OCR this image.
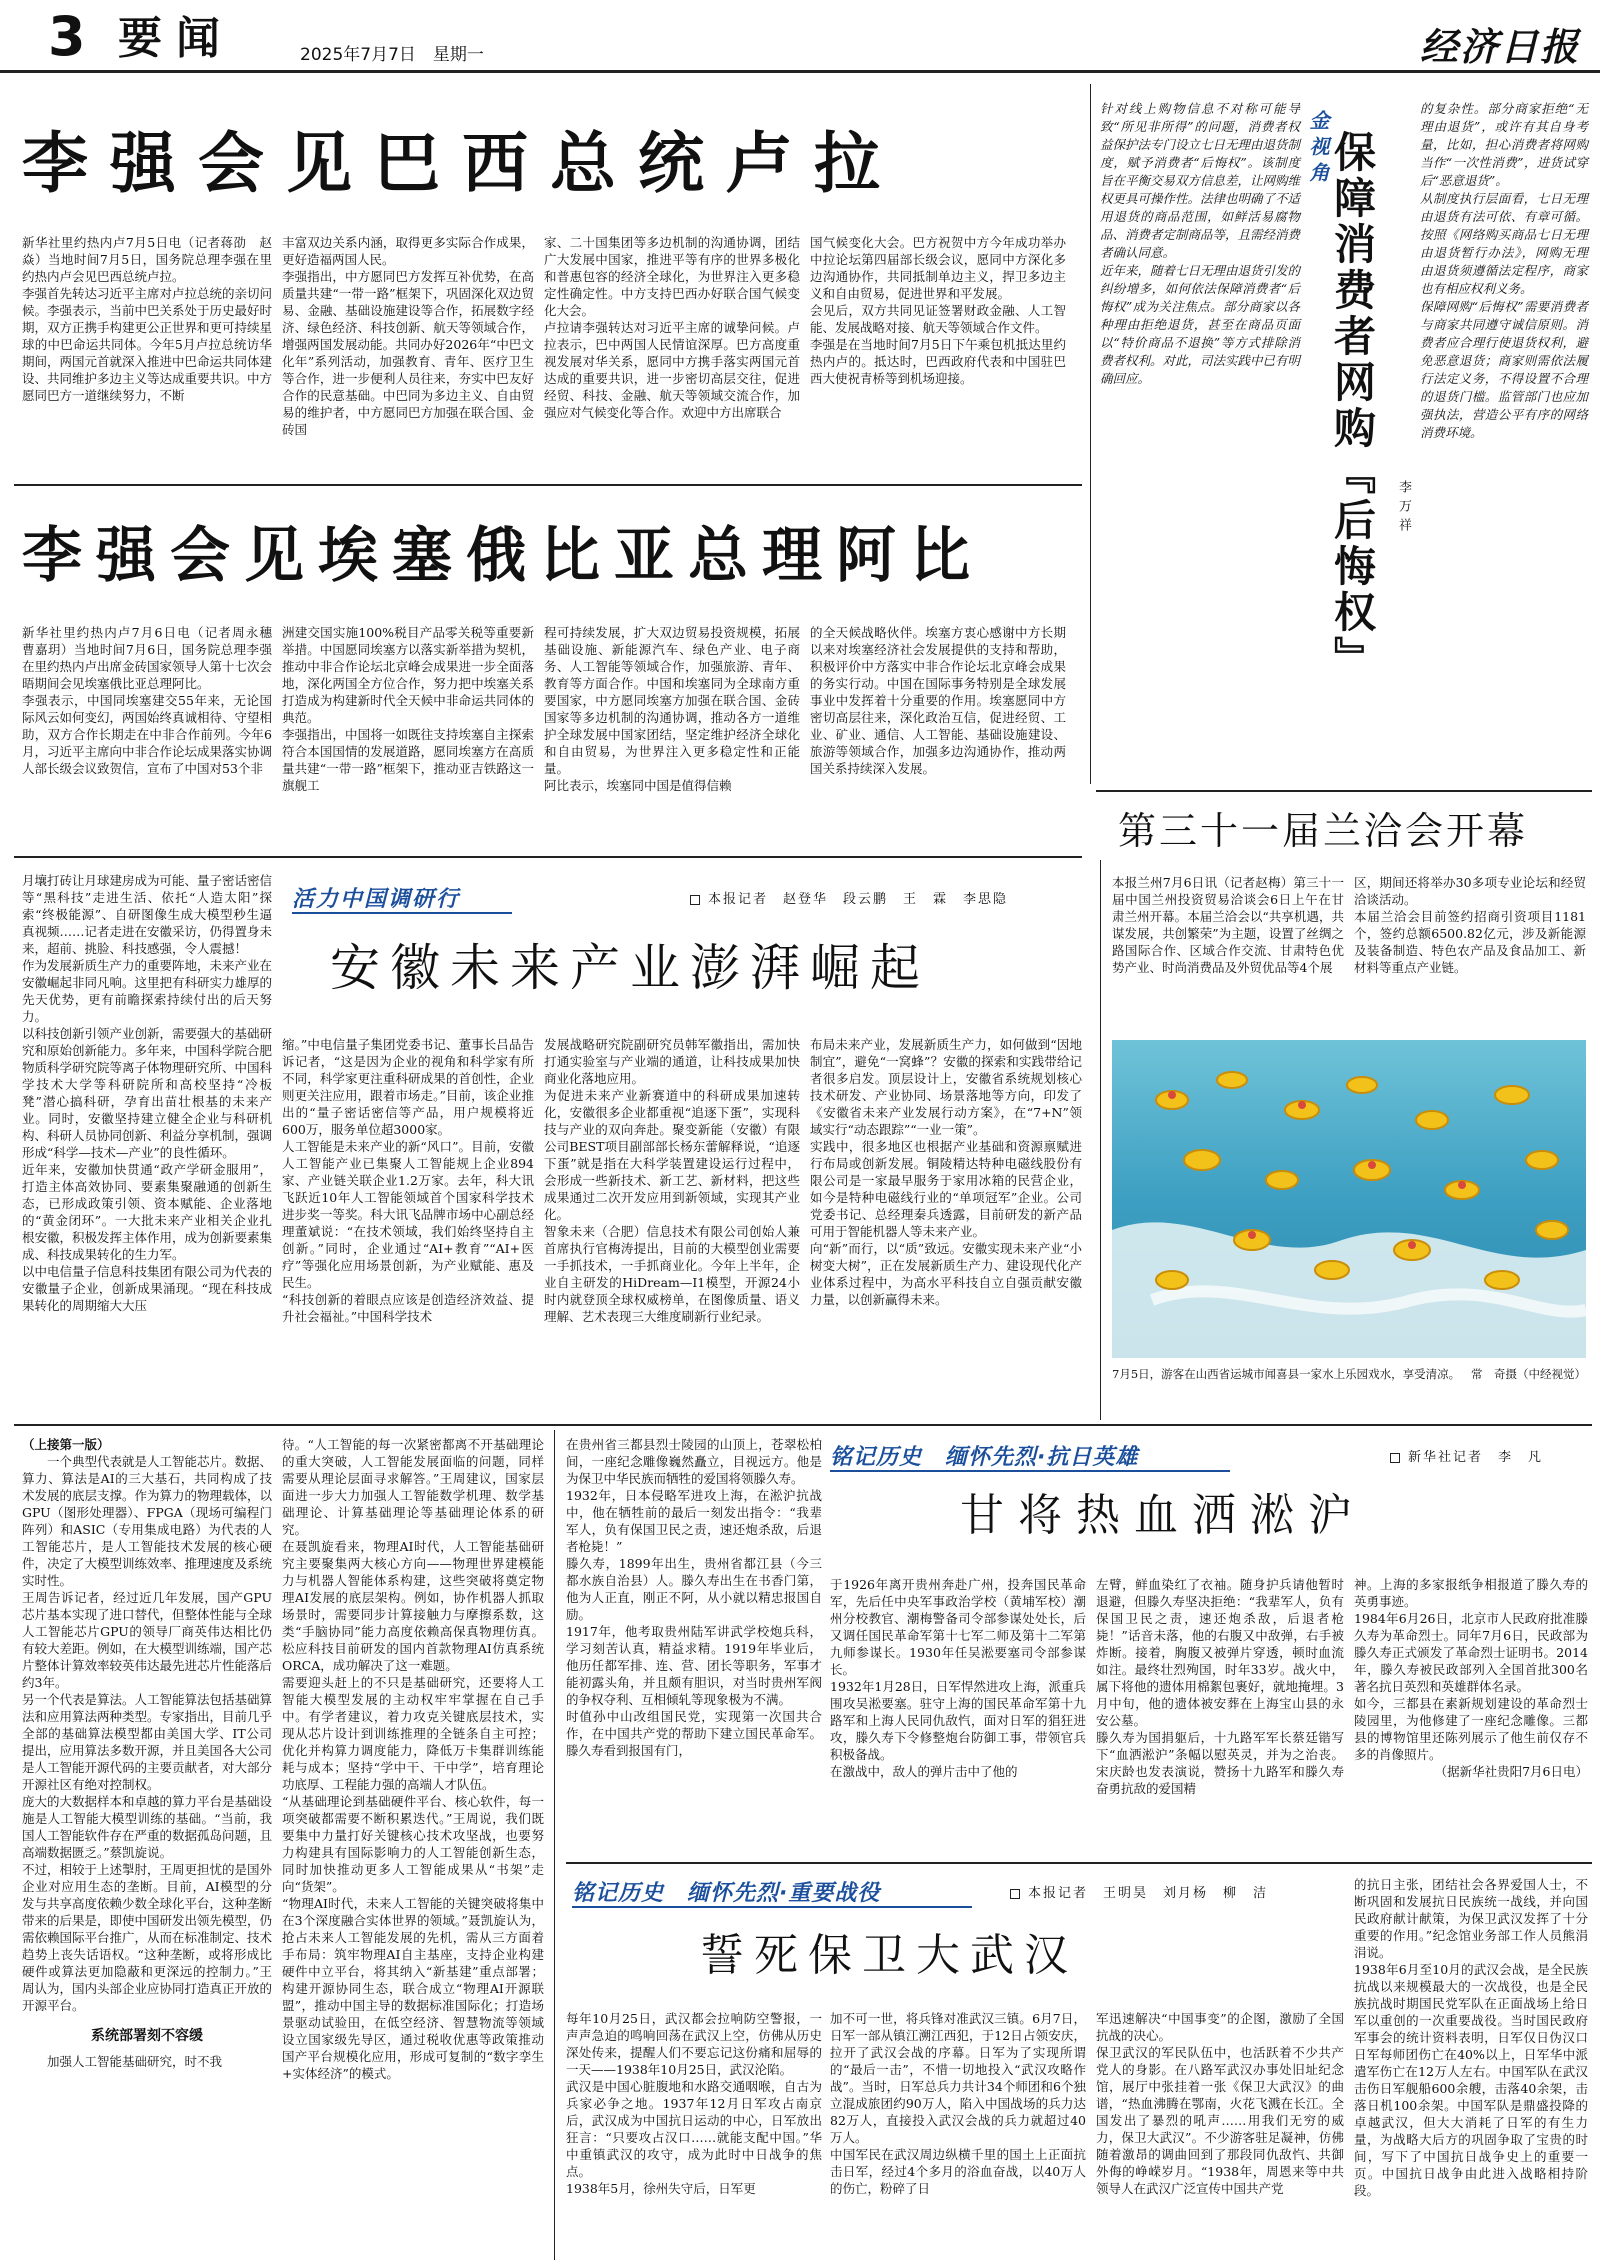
3 要闻	2025年7月7日　星期一	经济日报
李强会见巴西总统卢拉
新华社里约热内卢7月5日电（记者蒋劭　赵焱）当地时间7月5日，国务院总理李强在里约热内卢会见巴西总统卢拉。
李强首先转达习近平主席对卢拉总统的亲切问候。李强表示，当前中巴关系处于历史最好时期，双方正携手构建更公正世界和更可持续星球的中巴命运共同体。今年5月卢拉总统访华期间，两国元首就深入推进中巴命运共同体建设、共同维护多边主义等达成重要共识。中方愿同巴方一道继续努力，不断
丰富双边关系内涵，取得更多实际合作成果，更好造福两国人民。
李强指出，中方愿同巴方发挥互补优势，在高质量共建“一带一路”框架下，巩固深化双边贸易、金融、基础设施建设等合作，拓展数字经济、绿色经济、科技创新、航天等领域合作，增强两国发展动能。共同办好2026年“中巴文化年”系列活动，加强教育、青年、医疗卫生等合作，进一步便利人员往来，夯实中巴友好合作的民意基础。中巴同为多边主义、自由贸易的维护者，中方愿同巴方加强在联合国、金砖国
家、二十国集团等多边机制的沟通协调，团结广大发展中国家，推进平等有序的世界多极化和普惠包容的经济全球化，为世界注入更多稳定性确定性。中方支持巴西办好联合国气候变化大会。
卢拉请李强转达对习近平主席的诚挚问候。卢拉表示，巴中两国人民情谊深厚。巴方高度重视发展对华关系，愿同中方携手落实两国元首达成的重要共识，进一步密切高层交往，促进经贸、科技、金融、航天等领域交流合作，加强应对气候变化等合作。欢迎中方出席联合
国气候变化大会。巴方祝贺中方今年成功举办中拉论坛第四届部长级会议，愿同中方深化多边沟通协作，共同抵制单边主义，捍卫多边主义和自由贸易，促进世界和平发展。
会见后，双方共同见证签署财政金融、人工智能、发展战略对接、航天等领域合作文件。
李强是在当地时间7月5日下午乘包机抵达里约热内卢的。抵达时，巴西政府代表和中国驻巴西大使祝青桥等到机场迎接。
李强会见埃塞俄比亚总理阿比
新华社里约热内卢7月6日电（记者周永穗　曹嘉玥）当地时间7月6日，国务院总理李强在里约热内卢出席金砖国家领导人第十七次会晤期间会见埃塞俄比亚总理阿比。
李强表示，中国同埃塞建交55年来，无论国际风云如何变幻，两国始终真诚相待、守望相助，双方合作长期走在中非合作前列。今年6月，习近平主席向中非合作论坛成果落实协调人部长级会议致贺信，宣布了中国对53个非
洲建交国实施100%税目产品零关税等重要新举措。中国愿同埃塞方以落实新举措为契机，推动中非合作论坛北京峰会成果进一步全面落地，深化两国全方位合作，努力把中埃塞关系打造成为构建新时代全天候中非命运共同体的典范。
李强指出，中国将一如既往支持埃塞自主探索符合本国国情的发展道路，愿同埃塞方在高质量共建“一带一路”框架下，推动亚吉铁路这一旗舰工
程可持续发展，扩大双边贸易投资规模，拓展基础设施、新能源汽车、绿色产业、电子商务、人工智能等领域合作，加强旅游、青年、教育等方面合作。中国和埃塞同为全球南方重要国家，中方愿同埃塞方加强在联合国、金砖国家等多边机制的沟通协调，推动各方一道维护全球发展中国家团结，坚定维护经济全球化和自由贸易，为世界注入更多稳定性和正能量。
阿比表示，埃塞同中国是值得信赖
的全天候战略伙伴。埃塞方衷心感谢中方长期以来对埃塞经济社会发展提供的支持和帮助，积极评价中方落实中非合作论坛北京峰会成果的务实行动。中国在国际事务特别是全球发展事业中发挥着十分重要的作用。埃塞愿同中方密切高层往来，深化政治互信，促进经贸、工业、矿业、通信、人工智能、基础设施建设、旅游等领域合作，加强多边沟通协作，推动两国关系持续深入发展。
针对线上购物信息不对称可能导致“所见非所得”的问题，消费者权益保护法专门设立七日无理由退货制度，赋予消费者“后悔权”。该制度旨在平衡交易双方信息差，让网购维权更具可操作性。法律也明确了不适用退货的商品范围，如鲜活易腐物品、消费者定制商品等，且需经消费者确认同意。
近年来，随着七日无理由退货引发的纠纷增多，如何依法保障消费者“后悔权”成为关注焦点。部分商家以各种理由拒绝退货，甚至在商品页面以“特价商品不退换”等方式排除消费者权利。对此，司法实践中已有明确回应。
金视角
保障消费者网购『后悔权』 李万祥
的复杂性。部分商家拒绝“无理由退货”，或许有其自身考量，比如，担心消费者将网购当作“一次性消费”，进货试穿后“恶意退货”。
从制度执行层面看，七日无理由退货有法可依、有章可循。按照《网络购买商品七日无理由退货暂行办法》，网购无理由退货须遵循法定程序，商家也有相应权利义务。
保障网购“后悔权”需要消费者与商家共同遵守诚信原则。消费者应合理行使退货权利，避免恶意退货；商家则需依法履行法定义务，不得设置不合理的退货门槛。监管部门也应加强执法，营造公平有序的网络消费环境。
第三十一届兰洽会开幕
本报兰州7月6日讯（记者赵梅）第三十一届中国兰州投资贸易洽谈会6日上午在甘肃兰州开幕。本届兰洽会以“共享机遇，共谋发展，共创繁荣”为主题，设置了丝绸之路国际合作、区域合作交流、甘肃特色优势产业、时尚消费品及外贸优品等4个展
区，期间还将举办30多项专业论坛和经贸洽谈活动。
本届兰洽会目前签约招商引资项目1181个，签约总额6500.82亿元，涉及新能源及装备制造、特色农产品及食品加工、新材料等重点产业链。
7月5日，游客在山西省运城市闻喜县一家水上乐园戏水，享受清凉。 常　奇摄（中经视觉）
月壤打砖让月球建房成为可能、量子密话密信等“黑科技”走进生活、依托“人造太阳”探索“终极能源”、自研图像生成大模型秒生逼真视频……记者走进在安徽采访，仍得置身未来，超前、挑脸、科技感强，令人震撼！
作为发展新质生产力的重要阵地，未来产业在安徽崛起非同凡响。这里把有科研实力雄厚的先天优势，更有前瞻探索持续付出的后天努力。
以科技创新引领产业创新，需要强大的基础研究和原始创新能力。多年来，中国科学院合肥物质科学研究院等离子体物理研究所、中国科学技术大学等科研院所和高校坚持“冷板凳”潜心搞科研，孕育出苗壮根基的未来产业。同时，安徽坚持建立健全企业与科研机构、科研人员协同创新、利益分享机制，强调形成“科学—技术—产业”的良性循环。
近年来，安徽加快贯通“政产学研金服用”，打造主体高效协同、要素集聚融通的创新生态，已形成政策引领、资本赋能、企业落地的“黄金闭环”。一大批未来产业相关企业扎根安徽，积极发挥主体作用，成为创新要素集成、科技成果转化的生力军。
以中电信量子信息科技集团有限公司为代表的安徽量子企业，创新成果涌现。“现在科技成果转化的周期缩大大压
活力中国调研行	本报记者　赵登华　段云鹏　王　霖　李思隐
安徽未来产业澎湃崛起
缩。”中电信量子集团党委书记、董事长吕品告诉记者，“这是因为企业的视角和科学家有所不同，科学家更注重科研成果的首创性，企业则更关注应用，跟着市场走。”目前，该企业推出的“量子密话密信等产品，用户规模将近600万，服务单位超3000家。
人工智能是未来产业的新“风口”。目前，安徽人工智能产业已集聚人工智能规上企业894家、产业链关联企业1.2万家。去年，科大讯飞跃近10年人工智能领域首个国家科学技术进步奖一等奖。科大讯飞品牌市场中心副总经理董斌说：“在技术领域，我们始终坚持自主创新。”同时，企业通过“AI+教育”“AI+医疗”等强化应用场景创新，为产业赋能、惠及民生。
“科技创新的着眼点应该是创造经济效益、提升社会福祉。”中国科学技术
发展战略研究院副研究员韩军徽指出，需加快打通实验室与产业端的通道，让科技成果加快商业化落地应用。
为促进未来产业新赛道中的科研成果加速转化，安徽很多企业都重视“追逐下蛋”，实现科技与产业的双向奔赴。聚变新能（安徽）有限公司BEST项目副部部长杨东蕾解释说，“追逐下蛋”就是指在大科学装置建设运行过程中，会形成一些新技术、新工艺、新材料，把这些成果通过二次开发应用到新领域，实现其产业化。
智象未来（合肥）信息技术有限公司创始人兼首席执行官梅涛提出，目前的大模型创业需要一手抓技术，一手抓商业化。今年上半年，企业自主研发的HiDream—I1模型，开源24小时内就登顶全球权威榜单，在图像质量、语义理解、艺术表现三大维度刷新行业纪录。
布局未来产业，发展新质生产力，如何做到“因地制宜”，避免“一窝蜂”？安徽的探索和实践带给记者很多启发。顶层设计上，安徽省系统规划核心技术研发、产业协同、场景落地等方向，印发了《安徽省未来产业发展行动方案》，在“7+N”领域实行“动态跟踪”“一业一策”。
实践中，很多地区也根据产业基础和资源禀赋进行布局或创新发展。铜陵精达特种电磁线股份有限公司是一家最早服务于家用冰箱的民营企业，如今是特种电磁线行业的“单项冠军”企业。公司党委书记、总经理秦兵透露，目前研发的新产品可用于智能机器人等未来产业。
向“新”而行，以“质”致远。安徽实现未来产业“小树变大树”，正在发展新质生产力、建设现代化产业体系过程中，为高水平科技自立自强贡献安徽力量，以创新赢得未来。
（上接第一版）
一个典型代表就是人工智能芯片。数据、算力、算法是AI的三大基石，共同构成了技术发展的底层支撑。作为算力的物理载体，以GPU（图形处理器）、FPGA（现场可编程门阵列）和ASIC（专用集成电路）为代表的人工智能芯片，是人工智能技术发展的核心硬件，决定了大模型训练效率、推理速度及系统实时性。
王周告诉记者，经过近几年发展，国产GPU芯片基本实现了进口替代，但整体性能与全球人工智能芯片GPU的领导厂商英伟达相比仍有较大差距。例如，在大模型训练端，国产芯片整体计算效率较英伟达最先进芯片性能落后约3年。
另一个代表是算法。人工智能算法包括基础算法和应用算法两种类型。专家指出，目前几乎全部的基础算法模型都由美国大学、IT公司提出，应用算法多数开源，并且美国各大公司是人工智能开源代码的主要贡献者，对大部分开源社区有绝对控制权。
庞大的大数据样本和卓越的算力平台是基础设施是人工智能大模型训练的基础。“当前，我国人工智能软件存在严重的数据孤岛问题，且高端数据匮乏。”蔡凯旋说。
不过，相较于上述掣肘，王周更担忧的是国外企业对应用生态的垄断。目前，AI模型的分发与共享高度依赖少数全球化平台，这种垄断带来的后果是，即使中国研发出领先模型，仍需依赖国际平台推广，从而在标准制定、技术趋势上丧失话语权。“这种垄断，或将形成比硬件或算法更加隐蔽和更深远的控制力。”王周认为，国内头部企业应协同打造真正开放的开源平台。
系统部署刻不容缓
加强人工智能基础研究，时不我
待。“人工智能的每一次紧密都离不开基础理论的重大突破，人工智能发展面临的问题，同样需要从理论层面寻求解答。”王周建议，国家层面进一步大力加强人工智能数学机理、数学基础理论、计算基础理论等基础理论体系的研究。
在聂凯旋看来，物理AI时代，人工智能基础研究主要聚集两大核心方向——物理世界建模能力与机器人智能体系构建，这些突破将奠定物理AI发展的底层架构。例如，协作机器人抓取场景时，需要同步计算接触力与摩擦系数，这类“手脑协同”能力高度依赖高保真物理仿真。松应科技目前研发的国内首款物理AI仿真系统ORCA，成功解决了这一难题。
需要迎头赶上的不只是基础研究，还要将人工智能大模型发展的主动权牢牢掌握在自己手中。有学者建议，着力攻克关键底层技术，实现从芯片设计到训练推理的全链条自主可控；优化并构算力调度能力，降低万卡集群训练能耗与成本；坚持“学中干、干中学”，培育理论功底厚、工程能力强的高端人才队伍。
“从基础理论到基础硬件平台、核心软件，每一项突破都需要不断积累迭代。”王周说，我们既要集中力量打好关键核心技术攻坚战，也要努力构建具有国际影响力的人工智能创新生态，同时加快推动更多人工智能成果从“书架”走向“货架”。
“物理AI时代，未来人工智能的关键突破将集中在3个深度融合实体世界的领域。”聂凯旋认为，抢占未来人工智能发展的先机，需从三方面着手布局：筑牢物理AI自主基座，支持企业构建硬件中立平台，将其纳入“新基建”重点部署；构建开源协同生态，联合成立“物理AI开源联盟”，推动中国主导的数据标准国际化；打造场景驱动试验田，在低空经济、智慧物流等领域设立国家级先导区，通过税收优惠等政策推动国产平台规模化应用，形成可复制的“数字孪生+实体经济”的模式。
在贵州省三都县烈士陵园的山顶上，苍翠松柏间，一座纪念雕像巍然矗立，目视远方。他是为保卫中华民族而牺牲的爱国将领滕久寿。
1932年，日本侵略军进攻上海，在淞沪抗战中，他在牺牲前的最后一刻发出指令：“我辈军人，负有保国卫民之责，速还炮杀敌，后退者枪毙！”
滕久寿，1899年出生，贵州省都江县（今三都水族自治县）人。滕久寿出生在书香门第，他为人正直，刚正不阿，从小就以精忠报国自励。
1917年，他考取贵州陆军讲武学校炮兵科，学习刻苦认真，精益求精。1919年毕业后，他历任都军排、连、营、团长等职务，军事才能初露头角，并且颇有胆识，对当时贵州军阀的争权夺利、互相倾轧等现象极为不满。
时值孙中山改组国民党，实现第一次国共合作，在中国共产党的帮助下建立国民革命军。滕久寿看到报国有门，
铭记历史　缅怀先烈·抗日英雄	新华社记者　李　凡
甘将热血洒淞沪
于1926年离开贵州奔赴广州，投奔国民革命军，先后任中央军事政治学校（黄埔军校）潮州分校教官、潮梅警备司令部参谋处处长，后又调任国民革命军第十七军二师及第十二军第九师参谋长。1930年任吴淞要塞司令部参谋长。
1932年1月28日，日军悍然进攻上海，派重兵围攻吴淞要塞。驻守上海的国民革命军第十九路军和上海人民同仇敌忾，面对日军的猖狂进攻，滕久寿下令修整炮台防御工事，带领官兵积极备战。
在激战中，敌人的弹片击中了他的
左臂，鲜血染红了衣袖。随身护兵请他暂时退避，但滕久寿坚决拒绝：“我辈军人，负有保国卫民之责，速还炮杀敌，后退者枪毙！”话音未落，他的右腹又中敌弹，右手被炸断。接着，胸腹又被弹片穿透，顿时血流如注。最终壮烈殉国，时年33岁。战火中，属下将他的遗体用棉絮包裹好，就地掩埋。3月中旬，他的遗体被安葬在上海宝山县的永安公墓。
滕久寿为国捐躯后，十九路军军长蔡廷锴写下“血洒淞沪”条幅以慰英灵，并为之治丧。宋庆龄也发表演说，赞扬十九路军和滕久寿奋勇抗敌的爱国精
神。上海的多家报纸争相报道了滕久寿的英勇事迹。
1984年6月26日，北京市人民政府批准滕久寿为革命烈士。同年7月6日，民政部为滕久寿正式颁发了革命烈士证明书。2014年，滕久寿被民政部列入全国首批300名著名抗日英烈和英雄群体名录。
如今，三都县在素新规划建设的革命烈士陵园里，为他修建了一座纪念雕像。三都县的博物馆里还陈列展示了他生前仅存不多的肖像照片。
（据新华社贵阳7月6日电）
铭记历史　缅怀先烈·重要战役	本报记者　王明昊　刘月杨　柳　洁
誓死保卫大武汉
每年10月25日，武汉都会拉响防空警报，一声声急迫的鸣响回荡在武汉上空，仿佛从历史深处传来，提醒人们不要忘记这份痛和屈辱的一天——1938年10月25日，武汉沦陷。
武汉是中国心脏腹地和水路交通咽喉，自古为兵家必争之地。1937年12月日军攻占南京后，武汉成为中国抗日运动的中心，日军放出狂言：“只要攻占汉口……就能支配中国。”华中重镇武汉的攻守，成为此时中日战争的焦点。
1938年5月，徐州失守后，日军更
加不可一世，将兵锋对准武汉三镇。6月7日，日军一部从镇江溯江西犯，于12日占领安庆，拉开了武汉会战的序幕。日军为了实现所谓的“最后一击”，不惜一切地投入“武汉攻略作战”。当时，日军总兵力共计34个师团和6个独立混成旅团约90万人，陷入中国战场的兵力达82万人，直接投入武汉会战的兵力就超过40万人。
中国军民在武汉周边纵横千里的国土上正面抗击日军，经过4个多月的浴血奋战，以40万人的伤亡，粉碎了日
军迅速解决“中国事变”的企图，激励了全国抗战的决心。
保卫武汉的军民队伍中，也活跃着不少共产党人的身影。在八路军武汉办事处旧址纪念馆，展厅中张挂着一张《保卫大武汉》的曲谱，“热血沸腾在鄂南，火花飞溅在长江。全国发出了暴烈的吼声……用我们无穷的威力，保卫大武汉”。不少游客驻足凝神，仿佛随着激昂的调曲回到了那段同仇敌忾、共御外侮的峥嵘岁月。“1938年，周恩来等中共领导人在武汉广泛宣传中国共产党
的抗日主张，团结社会各界爱国人士，不断巩固和发展抗日民族统一战线，并向国民政府献计献策，为保卫武汉发挥了十分重要的作用。”纪念馆业务部工作人员熊涓涓说。
1938年6月至10月的武汉会战，是全民族抗战以来规模最大的一次战役，也是全民族抗战时期国民党军队在正面战场上给日军以重创的一次重要战役。当时国民政府军事会的统计资料表明，日军仅日伪汉口日军每师团伤亡在40%以上，日军华中派遣军伤亡在12万人左右。中国军队在武汉击伤日军舰船600余艘，击落40余架，击落日机100余架。中国军队是鼎盛投降的卓越武汉，但大大消耗了日军的有生力量，为战略大后方的巩固争取了宝贵的时间，写下了中国抗日战争史上的重要一页。中国抗日战争由此进入战略相持阶段。
